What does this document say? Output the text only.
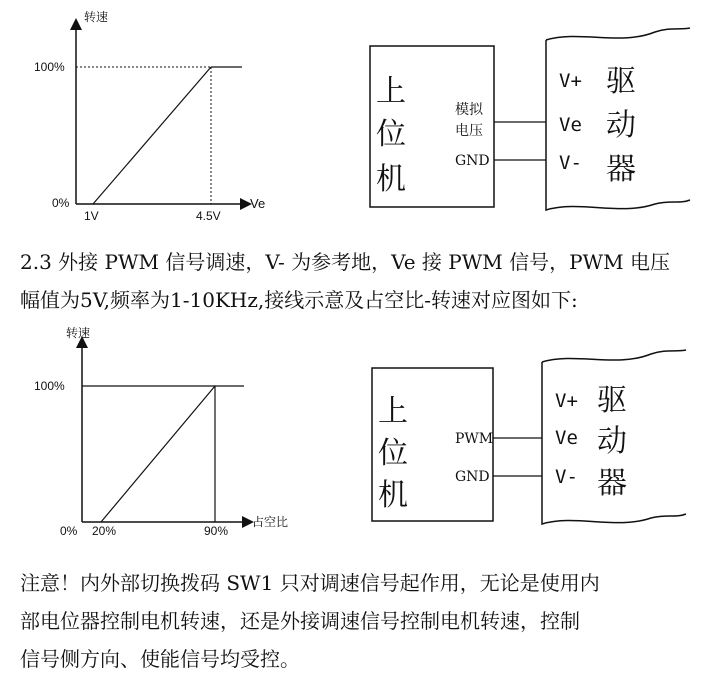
转速
100%
0%
1V	4.5V
Ve
上
位
机
模拟
电压
GND
V+
Ve
V-
驱
动
器
转速
100%
0% 20%	90%
占空比
上
位
机
PWM
GND
V+
Ve
V-
驱
动
器
2.3 外接 PWM 信号调速，V- 为参考地，Ve 接 PWM 信号，PWM 电压
幅值为5V,频率为1-10KHz,接线示意及占空比-转速对应图如下:
注意！内外部切换拨码 SW1 只对调速信号起作用，无论是使用内
部电位器控制电机转速，还是外接调速信号控制电机转速，控制
信号侧方向、使能信号均受控。
